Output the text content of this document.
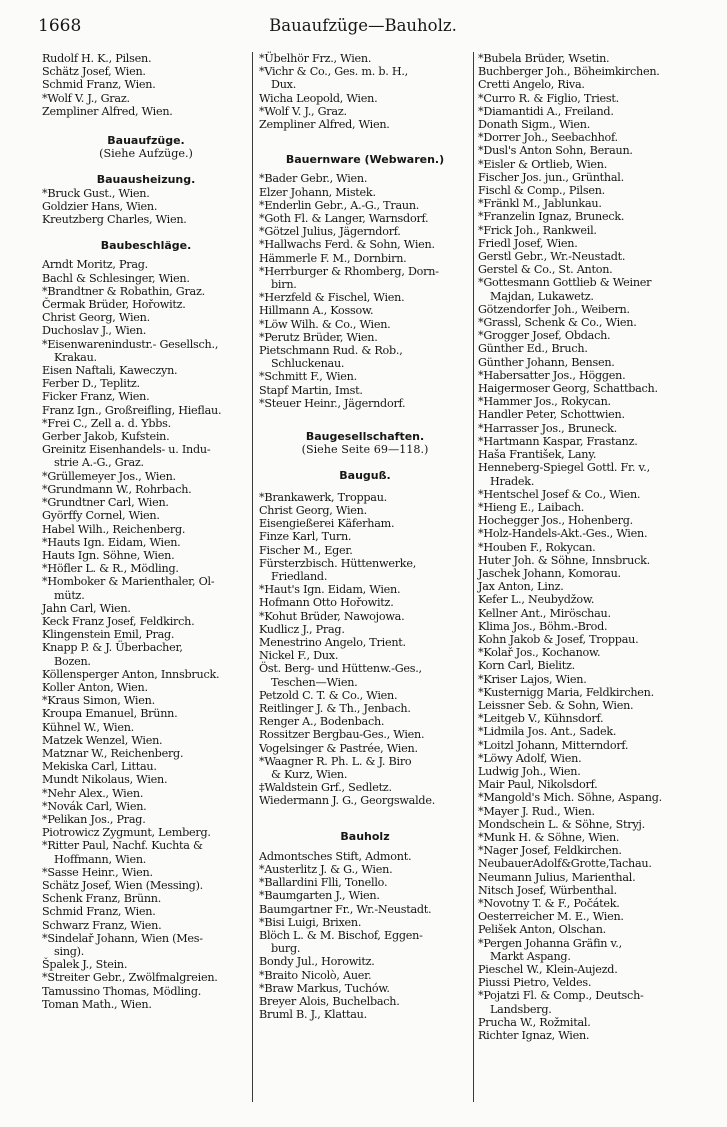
1668	Bauaufzüge—Bauholz.
Rudolf H. K., Pilsen.
Schätz Josef, Wien.
Schmid Franz, Wien.
*Wolf V. J., Graz.
Zempliner Alfred, Wien.
Bauaufzüge.
(Siehe Aufzüge.)
Bauausheizung.
*Bruck Gust., Wien.
Goldzier Hans, Wien.
Kreutzberg Charles, Wien.
Baubeschläge.
Arndt Moritz, Prag.
Bachl & Schlesinger, Wien.
*Brandtner & Robathin, Graz.
Čermak Brüder, Hořowitz.
Christ Georg, Wien.
Duchoslav J., Wien.
*Eisenwarenindustr.- Gesellsch.,
Krakau.
Eisen Naftali, Kaweczyn.
Ferber D., Teplitz.
Ficker Franz, Wien.
Franz Ign., Großreifling, Hieflau.
*Frei C., Zell a. d. Ybbs.
Gerber Jakob, Kufstein.
Greinitz Eisenhandels- u. Indu-
strie A.-G., Graz.
*Grüllemeyer Jos., Wien.
*Grundmann W., Rohrbach.
*Grundtner Carl, Wien.
Györffy Cornel, Wien.
Habel Wilh., Reichenberg.
*Hauts Ign. Eidam, Wien.
Hauts Ign. Söhne, Wien.
*Höfler L. & R., Mödling.
*Homboker & Marienthaler, Ol-
mütz.
Jahn Carl, Wien.
Keck Franz Josef, Feldkirch.
Klingenstein Emil, Prag.
Knapp P. & J. Überbacher,
Bozen.
Köllensperger Anton, Innsbruck.
Koller Anton, Wien.
*Kraus Simon, Wien.
Kroupa Emanuel, Brünn.
Kühnel W., Wien.
Matzek Wenzel, Wien.
Matznar W., Reichenberg.
Mekiska Carl, Littau.
Mundt Nikolaus, Wien.
*Nehr Alex., Wien.
*Novák Carl, Wien.
*Pelikan Jos., Prag.
Piotrowicz Zygmunt, Lemberg.
*Ritter Paul, Nachf. Kuchta &
Hoffmann, Wien.
*Sasse Heinr., Wien.
Schätz Josef, Wien (Messing).
Schenk Franz, Brünn.
Schmid Franz, Wien.
Schwarz Franz, Wien.
*Sindelař Johann, Wien (Mes-
sing).
Špalek J., Stein.
*Streiter Gebr., Zwölfmalgreien.
Tamussino Thomas, Mödling.
Toman Math., Wien.
*Übelhör Frz., Wien.
*Vichr & Co., Ges. m. b. H.,
Dux.
Wicha Leopold, Wien.
*Wolf V. J., Graz.
Zempliner Alfred, Wien.
Bauernware (Webwaren.)
*Bader Gebr., Wien.
Elzer Johann, Mistek.
*Enderlin Gebr., A.-G., Traun.
*Goth Fl. & Langer, Warnsdorf.
*Götzel Julius, Jägerndorf.
*Hallwachs Ferd. & Sohn, Wien.
Hämmerle F. M., Dornbirn.
*Herrburger & Rhomberg, Dorn-
birn.
*Herzfeld & Fischel, Wien.
Hillmann A., Kossow.
*Löw Wilh. & Co., Wien.
*Perutz Brüder, Wien.
Pietschmann Rud. & Rob.,
Schluckenau.
*Schmitt F., Wien.
Stapf Martin, Imst.
*Steuer Heinr., Jägerndorf.
Baugesellschaften.
(Siehe Seite 69—118.)
Bauguß.
*Brankawerk, Troppau.
Christ Georg, Wien.
Eisengießerei Käferham.
Finze Karl, Turn.
Fischer M., Eger.
Fürsterzbisch. Hüttenwerke,
Friedland.
*Haut's Ign. Eidam, Wien.
Hofmann Otto Hořowitz.
*Kohut Brüder, Nawojowa.
Kudlicz J., Prag.
Menestrino Angelo, Trient.
Nickel F., Dux.
Öst. Berg- und Hüttenw.-Ges.,
Teschen—Wien.
Petzold C. T. & Co., Wien.
Reitlinger J. & Th., Jenbach.
Renger A., Bodenbach.
Rossitzer Bergbau-Ges., Wien.
Vogelsinger & Pastrée, Wien.
*Waagner R. Ph. L. & J. Biro
& Kurz, Wien.
‡Waldstein Grf., Sedletz.
Wiedermann J. G., Georgswalde.
Bauholz
Admontsches Stift, Admont.
*Austerlitz J. & G., Wien.
*Ballardini Flli, Tonello.
*Baumgarten J., Wien.
Baumgartner Fr., Wr.-Neustadt.
*Bisi Luigi, Brixen.
Blöch L. & M. Bischof, Eggen-
burg.
Bondy Jul., Horowitz.
*Braito Nicolò, Auer.
*Braw Markus, Tuchów.
Breyer Alois, Buchelbach.
Bruml B. J., Klattau.
*Bubela Brüder, Wsetin.
Buchberger Joh., Böheimkirchen.
Cretti Angelo, Riva.
*Curro R. & Figlio, Triest.
*Diamantidi A., Freiland.
Donath Sigm., Wien.
*Dorrer Joh., Seebachhof.
*Dusl's Anton Sohn, Beraun.
*Eisler & Ortlieb, Wien.
Fischer Jos. jun., Grünthal.
Fischl & Comp., Pilsen.
*Fränkl M., Jablunkau.
*Franzelin Ignaz, Bruneck.
*Frick Joh., Rankweil.
Friedl Josef, Wien.
Gerstl Gebr., Wr.-Neustadt.
Gerstel & Co., St. Anton.
*Gottesmann Gottlieb & Weiner
Majdan, Lukawetz.
Götzendorfer Joh., Weibern.
*Grassl, Schenk & Co., Wien.
*Grogger Josef, Obdach.
Günther Ed., Bruch.
Günther Johann, Bensen.
*Habersatter Jos., Höggen.
Haigermoser Georg, Schattbach.
*Hammer Jos., Rokycan.
Handler Peter, Schottwien.
*Harrasser Jos., Bruneck.
*Hartmann Kaspar, Frastanz.
Haša František, Lany.
Henneberg-Spiegel Gottl. Fr. v.,
Hradek.
*Hentschel Josef & Co., Wien.
*Hieng E., Laibach.
Hochegger Jos., Hohenberg.
*Holz-Handels-Akt.-Ges., Wien.
*Houben F., Rokycan.
Huter Joh. & Söhne, Innsbruck.
Jaschek Johann, Komorau.
Jax Anton, Linz.
Kefer L., Neubydžow.
Kellner Ant., Miröschau.
Klima Jos., Böhm.-Brod.
Kohn Jakob & Josef, Troppau.
*Kolař Jos., Kochanow.
Korn Carl, Bielitz.
*Kriser Lajos, Wien.
*Kusternigg Maria, Feldkirchen.
Leissner Seb. & Sohn, Wien.
*Leitgeb V., Kühnsdorf.
*Lidmila Jos. Ant., Sadek.
*Loitzl Johann, Mitterndorf.
*Löwy Adolf, Wien.
Ludwig Joh., Wien.
Mair Paul, Nikolsdorf.
*Mangold's Mich. Söhne, Aspang.
*Mayer J. Rud., Wien.
Mondschein L. & Söhne, Stryj.
*Munk H. & Söhne, Wien.
*Nager Josef, Feldkirchen.
NeubauerAdolf&Grotte,Tachau.
Neumann Julius, Marienthal.
Nitsch Josef, Würbenthal.
*Novotny T. & F., Počátek.
Oesterreicher M. E., Wien.
Pelišek Anton, Olschan.
*Pergen Johanna Gräfin v.,
Markt Aspang.
Pieschel W., Klein-Aujezd.
Piussi Pietro, Veldes.
*Pojatzi Fl. & Comp., Deutsch-
Landsberg.
Prucha W., Rožmital.
Richter Ignaz, Wien.
